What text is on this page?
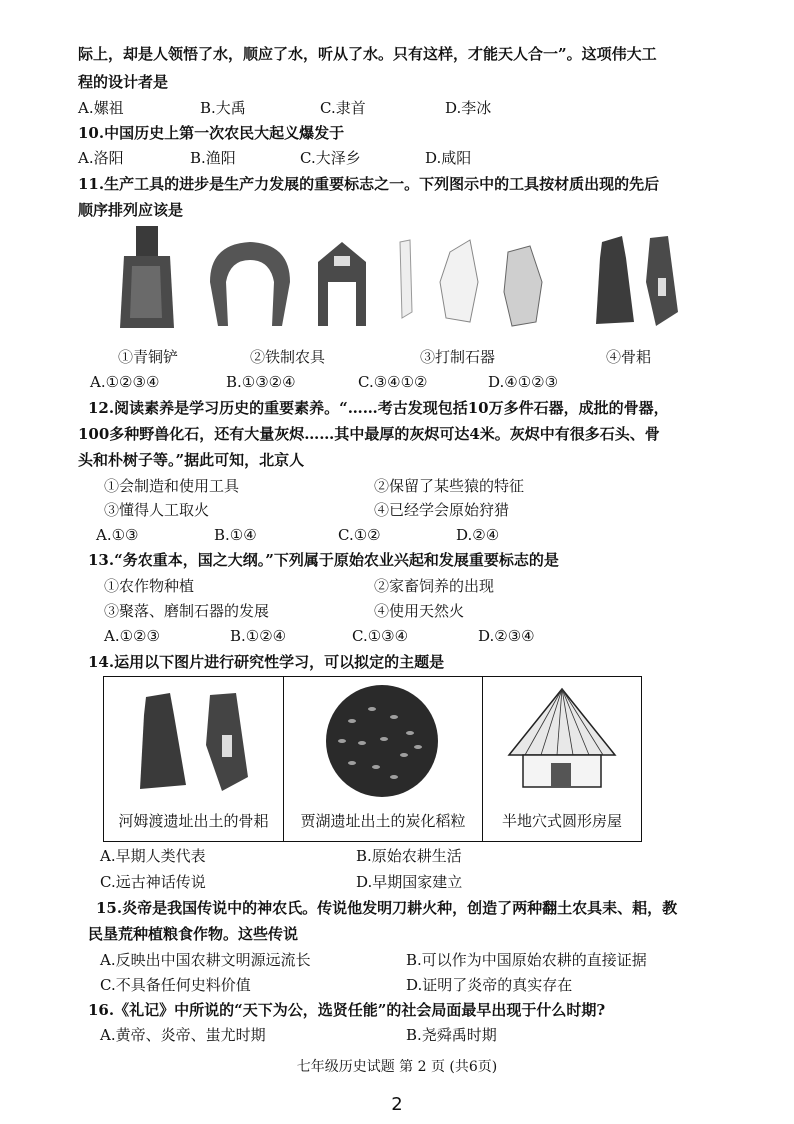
际上，却是人领悟了水，顺应了水，听从了水。只有这样，才能天人合一”。这项伟大工
程的设计者是
A.嫘祖	B.大禹	C.隶首	D.李冰
10.中国历史上第一次农民大起义爆发于
A.洛阳	B.渔阳	C.大泽乡	D.咸阳
11.生产工具的进步是生产力发展的重要标志之一。下列图示中的工具按材质出现的先后
顺序排列应该是
①青铜铲	②铁制农具	③打制石器	④骨耜
A.①②③④	B.①③②④	C.③④①②	D.④①②③
12.阅读素养是学习历史的重要素养。“……考古发现包括10万多件石器，成批的骨器，
100多种野兽化石，还有大量灰烬……其中最厚的灰烬可达4米。灰烬中有很多石头、骨
头和朴树子等。”据此可知，北京人
①会制造和使用工具	②保留了某些猿的特征
③懂得人工取火	④已经学会原始狩猎
A.①③	B.①④	C.①②	D.②④
13.“务农重本，国之大纲。”下列属于原始农业兴起和发展重要标志的是
①农作物种植	②家畜饲养的出现
③聚落、磨制石器的发展	④使用天然火
A.①②③	B.①②④	C.①③④	D.②③④
14.运用以下图片进行研究性学习，可以拟定的主题是
河姆渡遗址出土的骨耜	贾湖遗址出土的炭化稻粒	半地穴式圆形房屋
A.早期人类代表	B.原始农耕生活
C.远古神话传说	D.早期国家建立
15.炎帝是我国传说中的神农氏。传说他发明刀耕火种，创造了两种翻土农具耒、耜，教
民垦荒种植粮食作物。这些传说
A.反映出中国农耕文明源远流长	B.可以作为中国原始农耕的直接证据
C.不具备任何史料价值	D.证明了炎帝的真实存在
16.《礼记》中所说的“天下为公，选贤任能”的社会局面最早出现于什么时期?
A.黄帝、炎帝、蚩尤时期	B.尧舜禹时期
七年级历史试题 第 2 页 (共6页)
2
